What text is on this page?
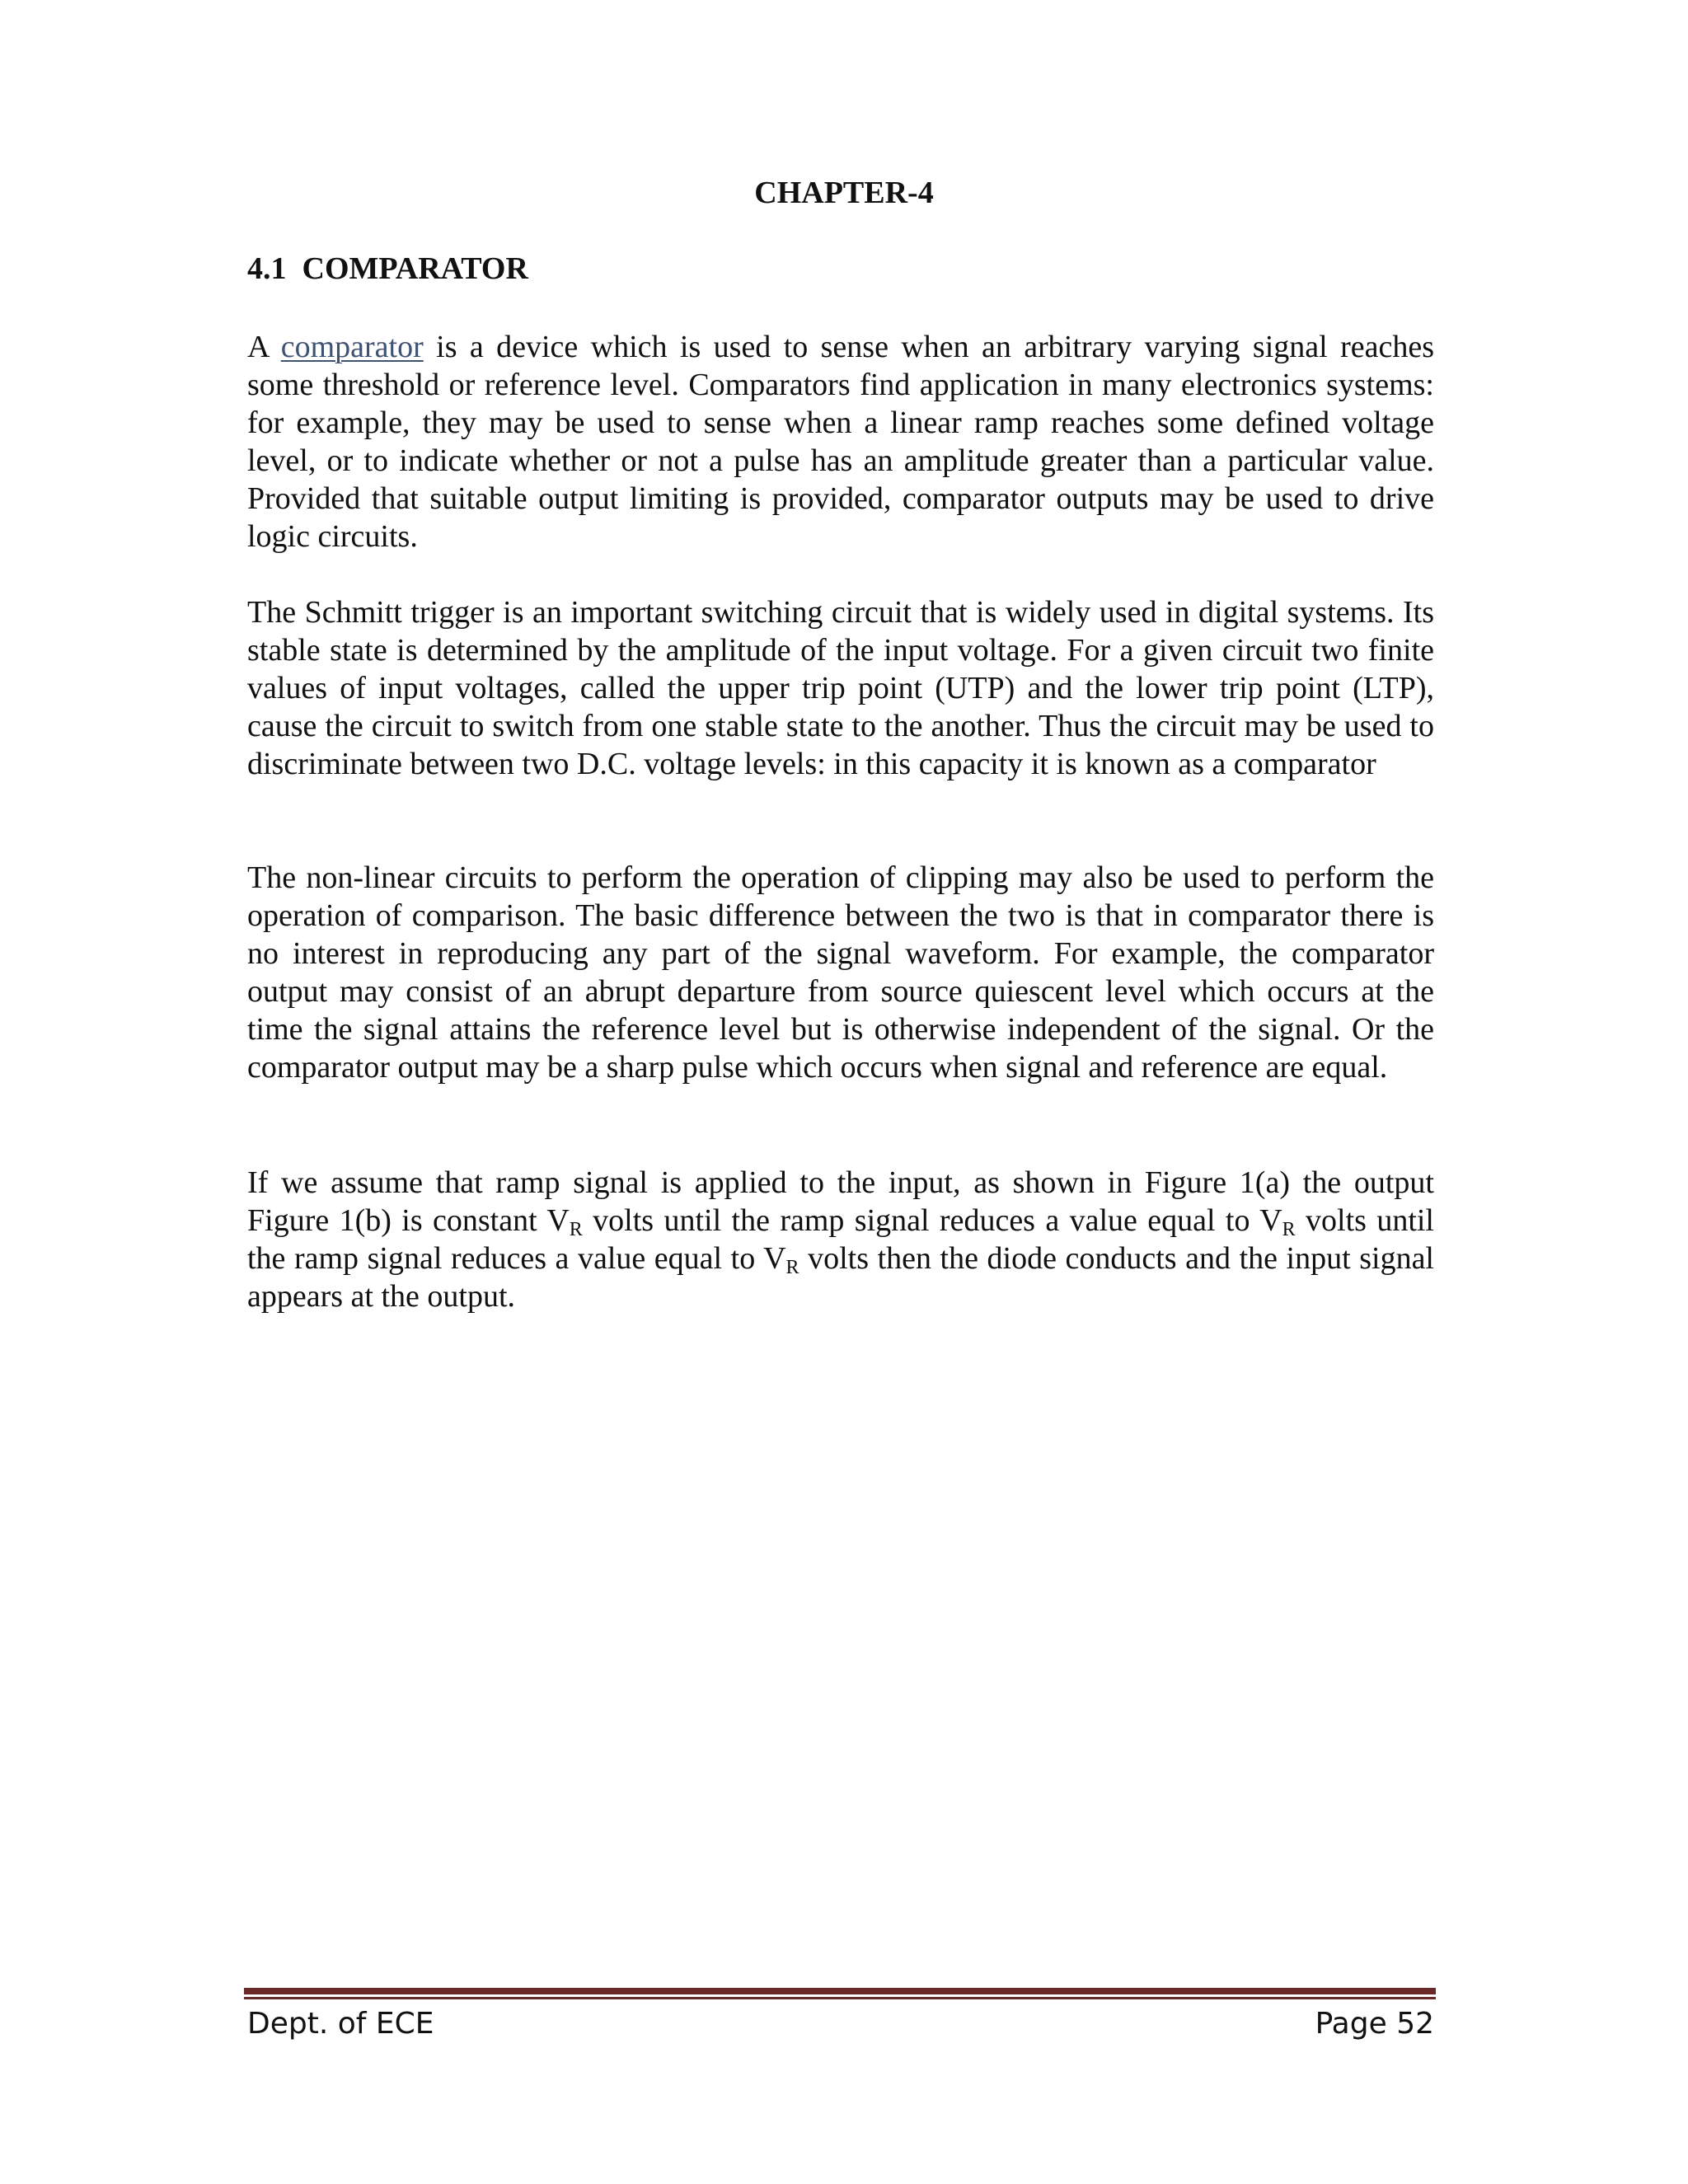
CHAPTER-4
4.1 COMPARATOR

A comparator is a device which is used to sense when an arbitrary varying signal reaches some threshold or reference level. Comparators find application in many electronics systems: for example, they may be used to sense when a linear ramp reaches some defined voltage level, or to indicate whether or not a pulse has an amplitude greater than a particular value. Provided that suitable output limiting is provided, comparator outputs may be used to drive logic circuits.

The Schmitt trigger is an important switching circuit that is widely used in digital systems. Its stable state is determined by the amplitude of the input voltage. For a given circuit two finite values of input voltages, called the upper trip point (UTP) and the lower trip point (LTP), cause the circuit to switch from one stable state to the another. Thus the circuit may be used to discriminate between two D.C. voltage levels: in this capacity it is known as a comparator

The non-linear circuits to perform the operation of clipping may also be used to perform the operation of comparison. The basic difference between the two is that in comparator there is no interest in reproducing any part of the signal waveform. For example, the comparator output may consist of an abrupt departure from source quiescent level which occurs at the time the signal attains the reference level but is otherwise independent of the signal. Or the comparator output may be a sharp pulse which occurs when signal and reference are equal.

If we assume that ramp signal is applied to the input, as shown in Figure 1(a) the output Figure 1(b) is constant $V_R$ volts until the ramp signal reduces a value equal to $V_R$ volts until the ramp signal reduces a value equal to $V_R$ volts then the diode conducts and the input signal appears at the output.

Dept. of ECE	Page 52
